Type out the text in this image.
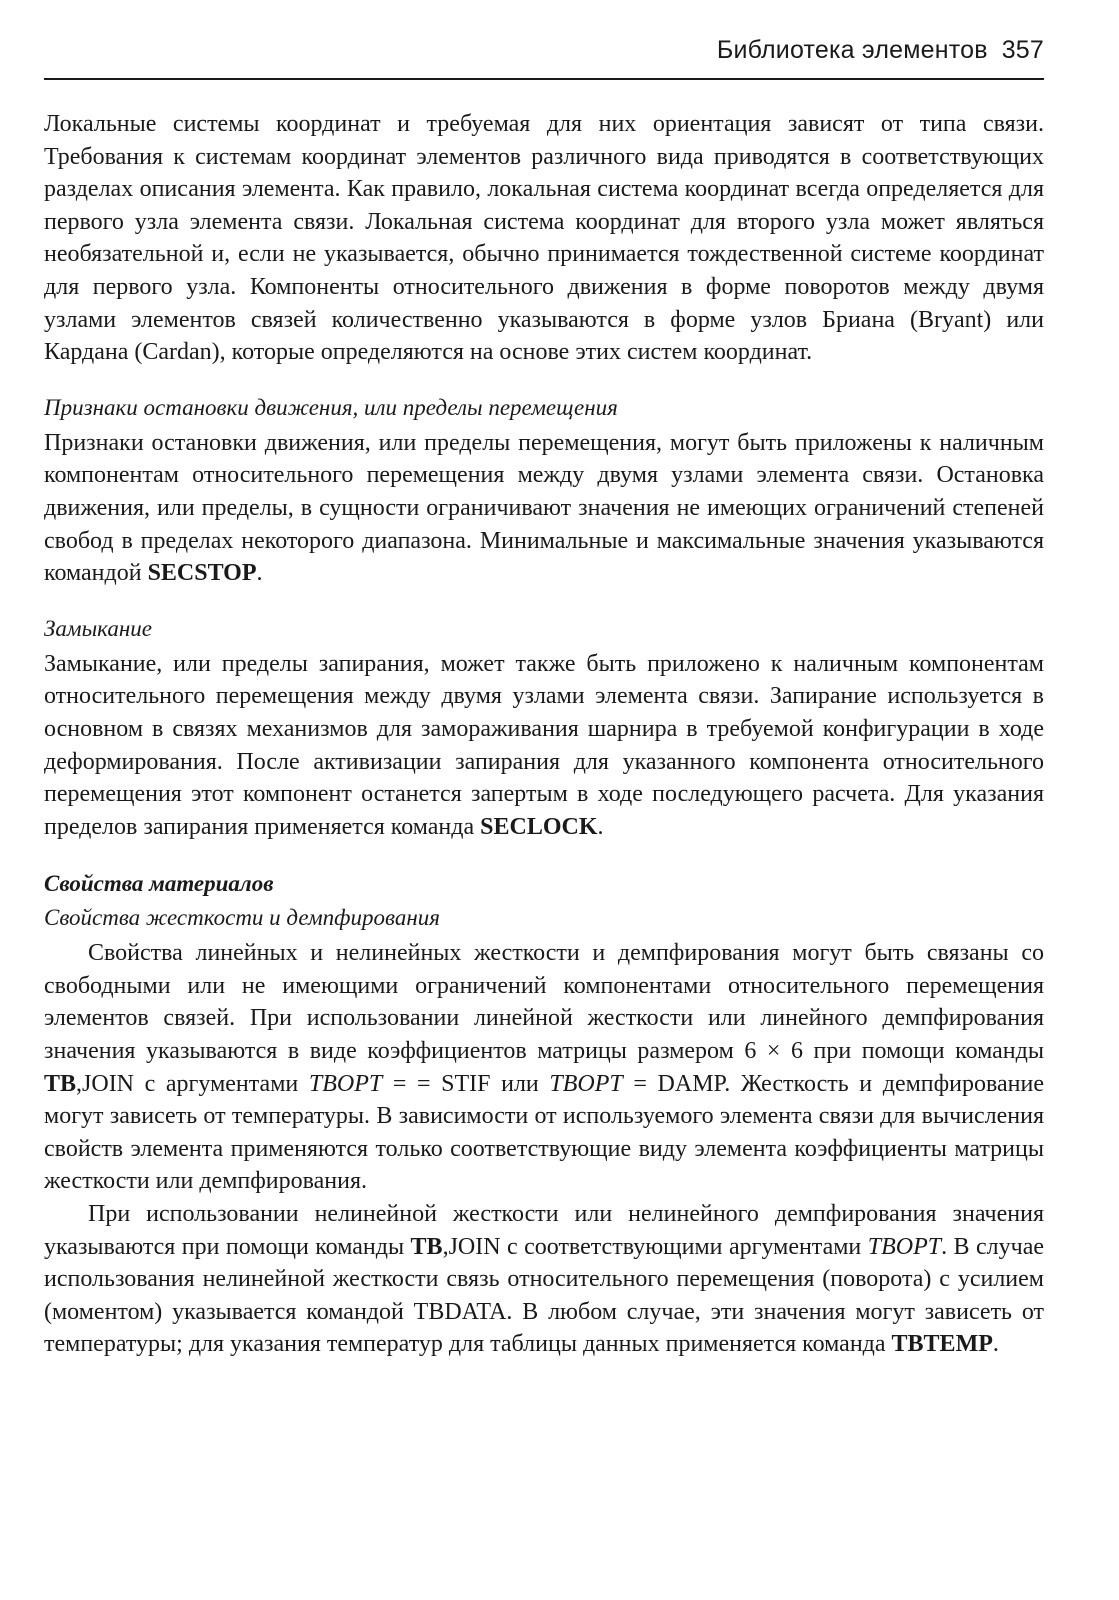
Библиотека элементов 357

Локальные системы координат и требуемая для них ориентация зависят от типа связи. Требования к системам координат элементов различного вида приводятся в соответствующих разделах описания элемента. Как правило, локальная система координат всегда определяется для первого узла элемента связи. Локальная система координат для второго узла может являться необязательной и, если не указывается, обычно принимается тождественной системе координат для первого узла. Компоненты относительного движения в форме поворотов между двумя узлами элементов связей количественно указываются в форме узлов Бриана (Bryant) или Кардана (Cardan), которые определяются на основе этих систем координат.

Признаки остановки движения, или пределы перемещения

Признаки остановки движения, или пределы перемещения, могут быть приложены к наличным компонентам относительного перемещения между двумя узлами элемента связи. Остановка движения, или пределы, в сущности ограничивают значения не имеющих ограничений степеней свобод в пределах некоторого диапазона. Минимальные и максимальные значения указываются командой SECSTOP.

Замыкание

Замыкание, или пределы запирания, может также быть приложено к наличным компонентам относительного перемещения между двумя узлами элемента связи. Запирание используется в основном в связях механизмов для замораживания шарнира в требуемой конфигурации в ходе деформирования. После активизации запирания для указанного компонента относительного перемещения этот компонент останется запертым в ходе последующего расчета. Для указания пределов запирания применяется команда SECLOCK.

Свойства материалов
Свойства жесткости и демпфирования

Свойства линейных и нелинейных жесткости и демпфирования могут быть связаны со свободными или не имеющими ограничений компонентами относительного перемещения элементов связей. При использовании линейной жесткости или линейного демпфирования значения указываются в виде коэффициентов матрицы размером 6 × 6 при помощи команды TB,JOIN с аргументами TBOPT = = STIF или TBOPT = DAMP. Жесткость и демпфирование могут зависеть от температуры. В зависимости от используемого элемента связи для вычисления свойств элемента применяются только соответствующие виду элемента коэффициенты матрицы жесткости или демпфирования.

При использовании нелинейной жесткости или нелинейного демпфирования значения указываются при помощи команды TB,JOIN с соответствующими аргументами TBOPT. В случае использования нелинейной жесткости связь относительного перемещения (поворота) с усилием (моментом) указывается командой TBDATA. В любом случае, эти значения могут зависеть от температуры; для указания температур для таблицы данных применяется команда TBTEMP.
